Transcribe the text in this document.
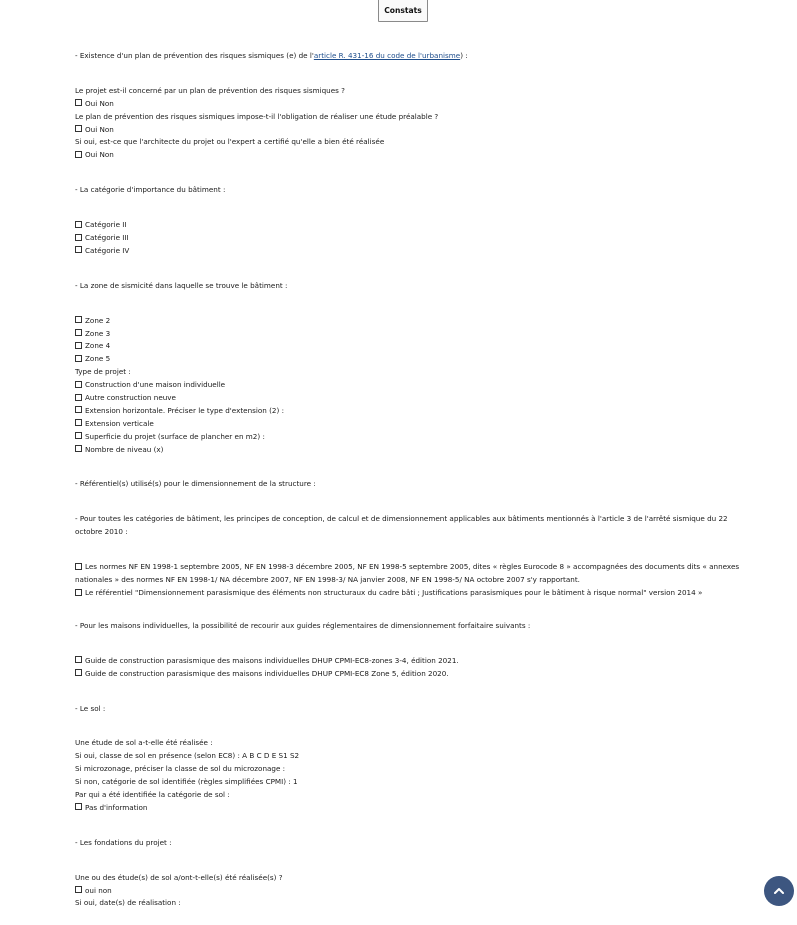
Constats
- Existence d'un plan de prévention des risques sismiques (e) de l'article R. 431-16 du code de l'urbanisme) :
Le projet est-il concerné par un plan de prévention des risques sismiques ?
Oui Non
Le plan de prévention des risques sismiques impose-t-il l'obligation de réaliser une étude préalable ?
Oui Non
Si oui, est-ce que l'architecte du projet ou l'expert a certifié qu'elle a bien été réalisée
Oui Non
- La catégorie d'importance du bâtiment :
Catégorie II
Catégorie III
Catégorie IV
- La zone de sismicité dans laquelle se trouve le bâtiment :
Zone 2
Zone 3
Zone 4
Zone 5
Type de projet :
Construction d'une maison individuelle
Autre construction neuve
Extension horizontale. Préciser le type d'extension (2) :
Extension verticale
Superficie du projet (surface de plancher en m2) :
Nombre de niveau (x)
- Référentiel(s) utilisé(s) pour le dimensionnement de la structure :
- Pour toutes les catégories de bâtiment, les principes de conception, de calcul et de dimensionnement applicables aux bâtiments mentionnés à l'article 3 de l'arrêté sismique du 22 octobre 2010 :
Les normes NF EN 1998-1 septembre 2005, NF EN 1998-3 décembre 2005, NF EN 1998-5 septembre 2005, dites « règles Eurocode 8 » accompagnées des documents dits « annexes nationales » des normes NF EN 1998-1/ NA décembre 2007, NF EN 1998-3/ NA janvier 2008, NF EN 1998-5/ NA octobre 2007 s'y rapportant.
Le référentiel "Dimensionnement parasismique des éléments non structuraux du cadre bâti ; Justifications parasismiques pour le bâtiment à risque normal" version 2014 »
- Pour les maisons individuelles, la possibilité de recourir aux guides réglementaires de dimensionnement forfaitaire suivants :
Guide de construction parasismique des maisons individuelles DHUP CPMI-EC8-zones 3-4, édition 2021.
Guide de construction parasismique des maisons individuelles DHUP CPMI-EC8 Zone 5, édition 2020.
- Le sol :
Une étude de sol a-t-elle été réalisée :
Si oui, classe de sol en présence (selon EC8) : A B C D E S1 S2
Si microzonage, préciser la classe de sol du microzonage :
Si non, catégorie de sol identifiée (règles simplifiées CPMI) : 1
Par qui a été identifiée la catégorie de sol :
Pas d'information
- Les fondations du projet :
Une ou des étude(s) de sol a/ont-t-elle(s) été réalisée(s) ?
oui non
Si oui, date(s) de réalisation :
